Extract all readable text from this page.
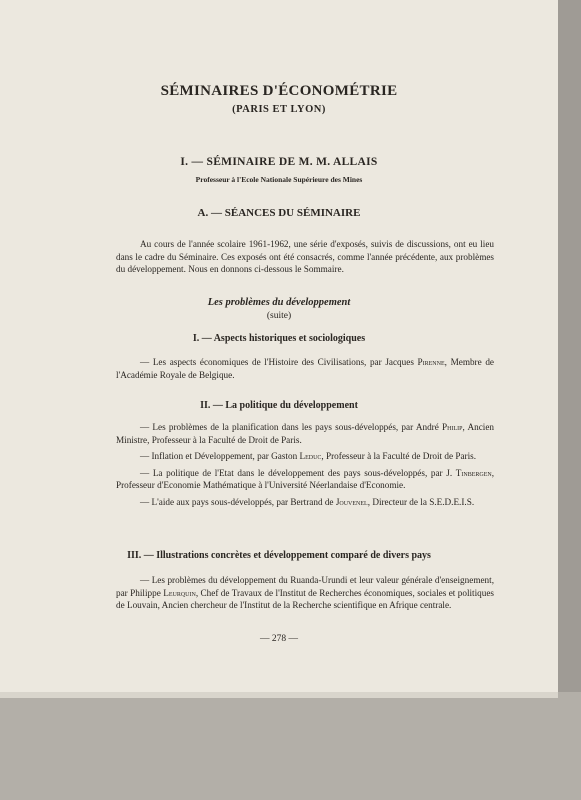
SÉMINAIRES D'ÉCONOMÉTRIE
(PARIS ET LYON)
I. — SÉMINAIRE DE M. M. ALLAIS
Professeur à l'Ecole Nationale Supérieure des Mines
A. — SÉANCES DU SÉMINAIRE
Au cours de l'année scolaire 1961-1962, une série d'exposés, suivis de discussions, ont eu lieu dans le cadre du Séminaire. Ces exposés ont été consacrés, comme l'année précédente, aux problèmes du développement. Nous en donnons ci-dessous le Sommaire.
Les problèmes du développement
(suite)
I. — Aspects historiques et sociologiques

— Les aspects économiques de l'Histoire des Civilisations, par Jacques Pirenne, Membre de l'Académie Royale de Belgique.

II. — La politique du développement

— Les problèmes de la planification dans les pays sous-développés, par André Philip, Ancien Ministre, Professeur à la Faculté de Droit de Paris.

— Inflation et Développement, par Gaston Leduc, Professeur à la Faculté de Droit de Paris.

— La politique de l'Etat dans le développement des pays sous-développés, par J. Tinbergen, Professeur d'Economie Mathématique à l'Université Néerlandaise d'Economie.

— L'aide aux pays sous-développés, par Bertrand de Jouvenel, Directeur de la S.E.D.E.I.S.

III. — Illustrations concrètes et développement comparé de divers pays

— Les problèmes du développement du Ruanda-Urundi et leur valeur générale d'enseignement, par Philippe Leurquin, Chef de Travaux de l'Institut de Recherches économiques, sociales et politiques de Louvain, Ancien chercheur de l'Institut de la Recherche scientifique en Afrique centrale.

— 278 —
